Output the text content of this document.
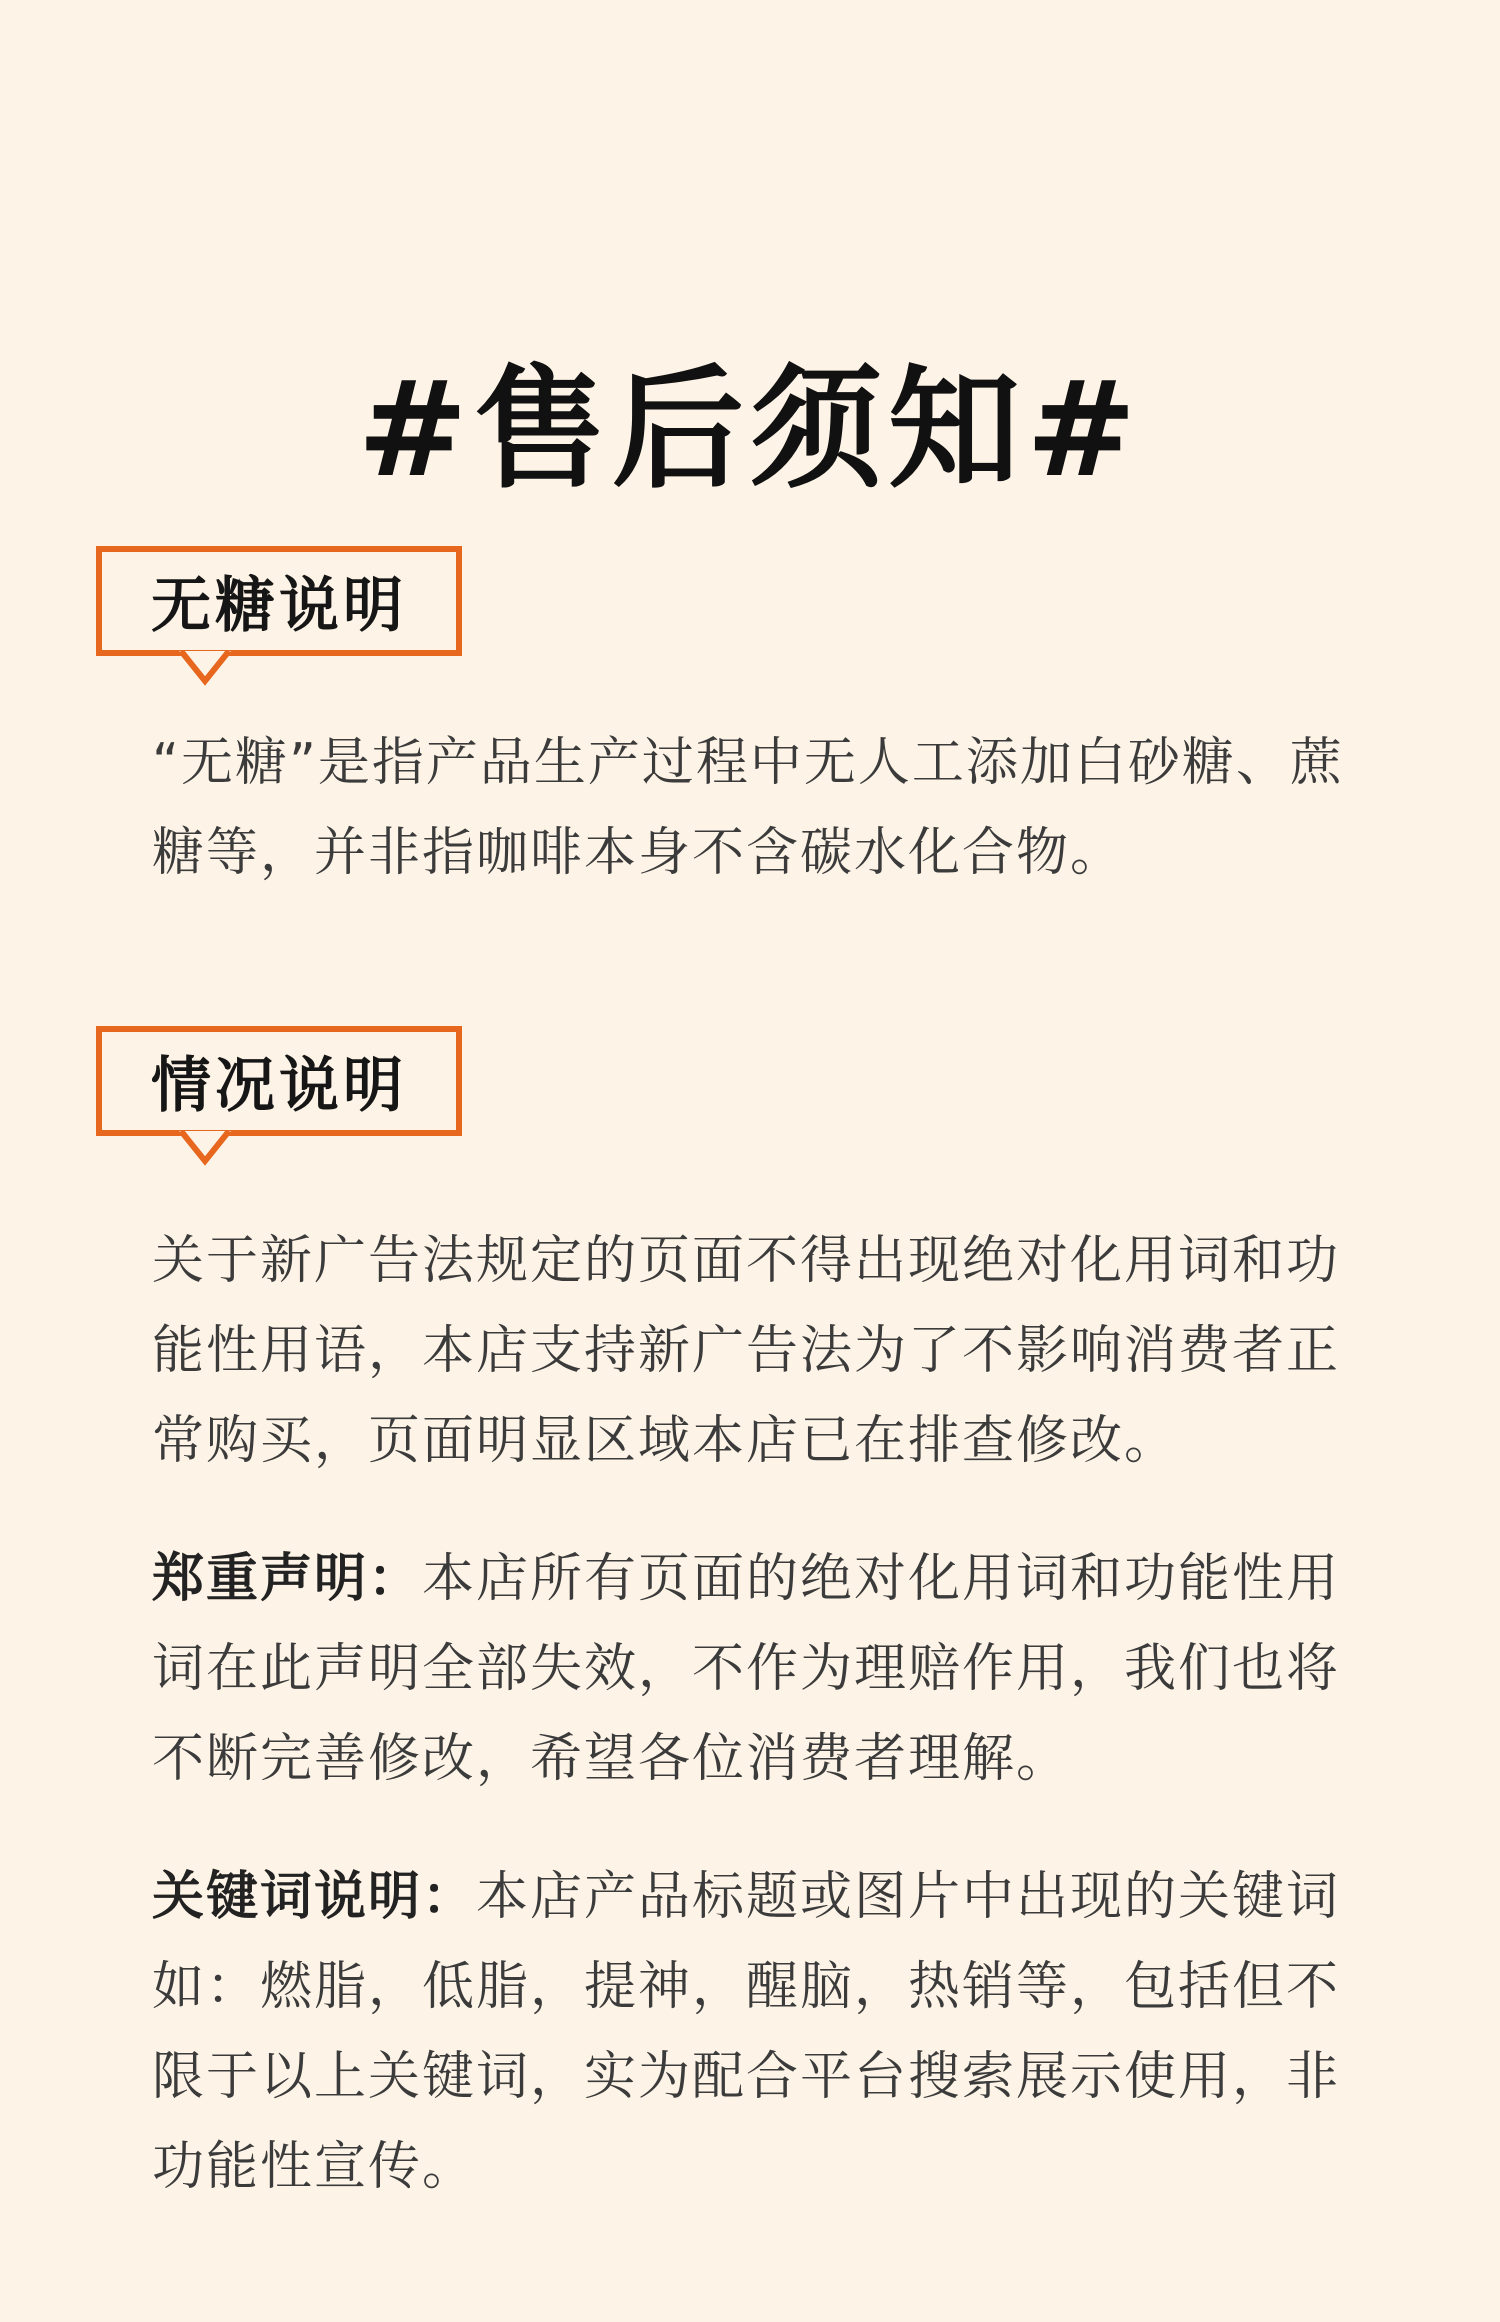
#售后须知#
无糖说明

“无糖”是指产品生产过程中无人工添加白砂糖、蔗糖等，并非指咖啡本身不含碳水化合物。

情况说明

关于新广告法规定的页面不得出现绝对化用词和功能性用语，本店支持新广告法为了不影响消费者正常购买，页面明显区域本店已在排查修改。

郑重声明：本店所有页面的绝对化用词和功能性用词在此声明全部失效，不作为理赔作用，我们也将不断完善修改，希望各位消费者理解。

关键词说明：本店产品标题或图片中出现的关键词如：燃脂，低脂，提神，醒脑，热销等，包括但不限于以上关键词，实为配合平台搜索展示使用，非功能性宣传。
